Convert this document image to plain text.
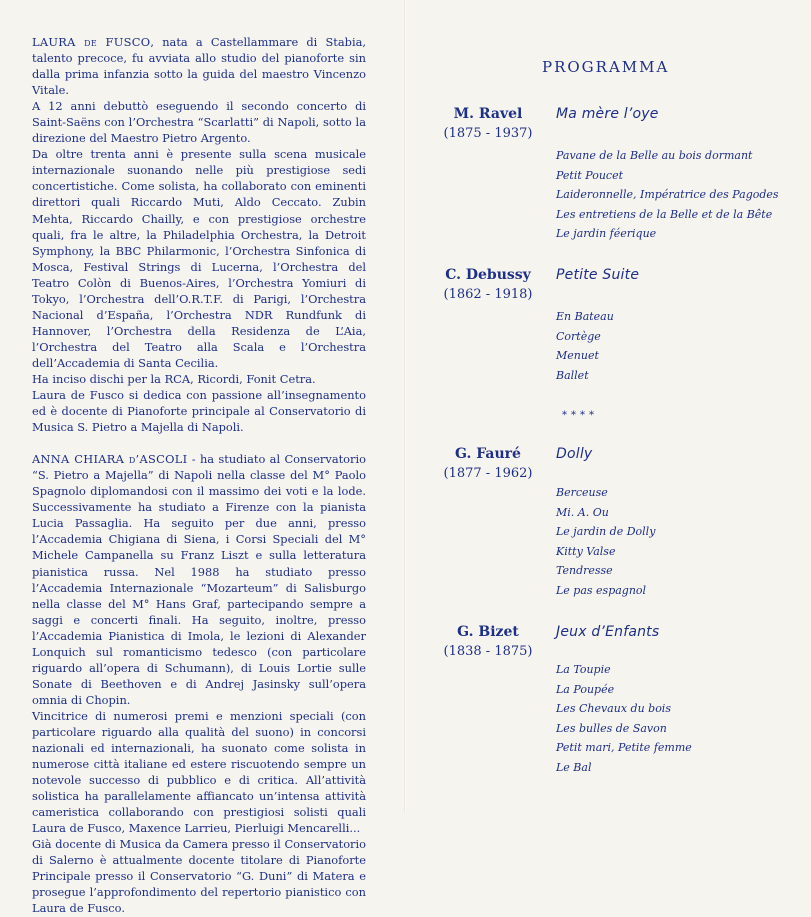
LAURA de FUSCO, nata a Castellammare di Stabia, talento precoce, fu avviata allo studio del pianoforte sin dalla prima infanzia sotto la guida del maestro Vincenzo Vitale.

A 12 anni debuttò eseguendo il secondo concerto di Saint-Saëns con l’Orchestra “Scarlatti” di Napoli, sotto la direzione del Maestro Pietro Argento.

Da oltre trenta anni è presente sulla scena musicale internazionale suonando nelle più prestigiose sedi concertistiche. Come solista, ha collaborato con eminenti direttori quali Riccardo Muti, Aldo Ceccato. Zubin Mehta, Riccardo Chailly, e con prestigiose orchestre quali, fra le altre, la Philadelphia Orchestra, la Detroit Symphony, la BBC Philarmonic, l’Orchestra Sinfonica di Mosca, Festival Strings di Lucerna, l’Orchestra del Teatro Colòn di Buenos-Aires, l’Orchestra Yomiuri di Tokyo, l’Orchestra dell’O.R.T.F. di Parigi, l’Orchestra Nacional d’España, l’Orchestra NDR Rundfunk di Hannover, l’Orchestra della Residenza de L’Aia, l’Orchestra del Teatro alla Scala e l’Orchestra dell’Accademia di Santa Cecilia.

Ha inciso dischi per la RCA, Ricordi, Fonit Cetra.

Laura de Fusco si dedica con passione all’insegnamento ed è docente di Pianoforte principale al Conservatorio di Musica S. Pietro a Majella di Napoli.

ANNA CHIARA d’ASCOLI - ha studiato al Conservatorio “S. Pietro a Majella” di Napoli nella classe del M° Paolo Spagnolo diplomandosi con il massimo dei voti e la lode. Successivamente ha studiato a Firenze con la pianista Lucia Passaglia. Ha seguito per due anni, presso l’Accademia Chigiana di Siena, i Corsi Speciali del M° Michele Campanella su Franz Liszt e sulla letteratura pianistica russa. Nel 1988 ha studiato presso l’Accademia Internazionale “Mozarteum” di Salisburgo nella classe del M° Hans Graf, partecipando sempre a saggi e concerti finali. Ha seguito, inoltre, presso l’Accademia Pianistica di Imola, le lezioni di Alexander Lonquich sul romanticismo tedesco (con particolare riguardo all’opera di Schumann), di Louis Lortie sulle Sonate di Beethoven e di Andrej Jasinsky sull’opera omnia di Chopin.

Vincitrice di numerosi premi e menzioni speciali (con particolare riguardo alla qualità del suono) in concorsi nazionali ed internazionali, ha suonato come solista in numerose città italiane ed estere riscuotendo sempre un notevole successo di pubblico e di critica. All’attività solistica ha parallelamente affiancato un’intensa attività cameristica collaborando con prestigiosi solisti quali Laura de Fusco, Maxence Larrieu, Pierluigi Mencarelli...

Già docente di Musica da Camera presso il Conservatorio di Salerno è attualmente docente titolare di Pianoforte Principale presso il Conservatorio “G. Duni” di Matera e prosegue l’approfondimento del repertorio pianistico con Laura de Fusco.

PROGRAMMA
M. Ravel
(1875 - 1937)
Ma mère l’oye
Pavane de la Belle au bois dormant
Petit Poucet
Laideronnelle, Impératrice des Pagodes
Les entretiens de la Belle et de la Bête
Le jardin féerique
C. Debussy
(1862 - 1918)
Petite Suite
En Bateau
Cortège
Menuet
Ballet
* * * *
G. Fauré
(1877 - 1962)
Dolly
Berceuse
Mi. A. Ou
Le jardin de Dolly
Kitty Valse
Tendresse
Le pas espagnol
G. Bizet
(1838 - 1875)
Jeux d’Enfants
La Toupie
La Poupée
Les Chevaux du bois
Les bulles de Savon
Petit mari, Petite femme
Le Bal
